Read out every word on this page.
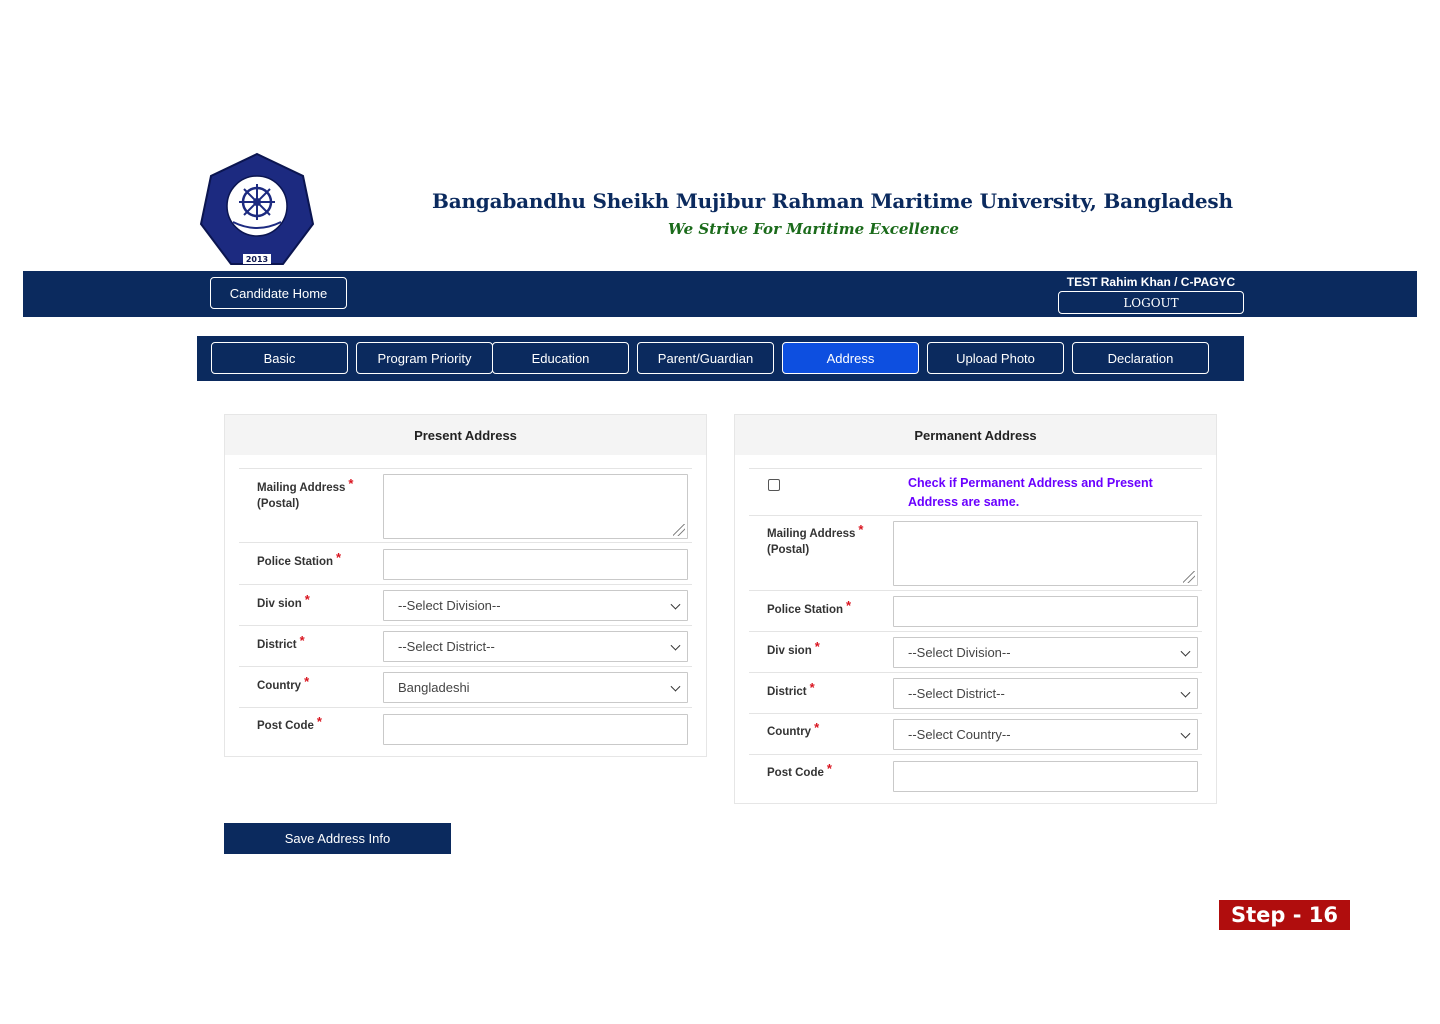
2013
Bangabandhu Sheikh Mujibur Rahman Maritime University, Bangladesh
We Strive For Maritime Excellence
Candidate Home
TEST Rahim Khan / C-PAGYC
LOGOUT
Basic	Program Priority	Education	Parent/Guardian	Address	Upload Photo	Declaration
Present Address
Mailing Address *
(Postal)
Police Station *
Div sion *	--Select Division--
District *	--Select District--
Country *	Bangladeshi
Post Code *
Permanent Address
Check if Permanent Address and Present Address are same.
Mailing Address *
(Postal)
Police Station *
Div sion *	--Select Division--
District *	--Select District--
Country *	--Select Country--
Post Code *
Save Address Info
Step - 16
